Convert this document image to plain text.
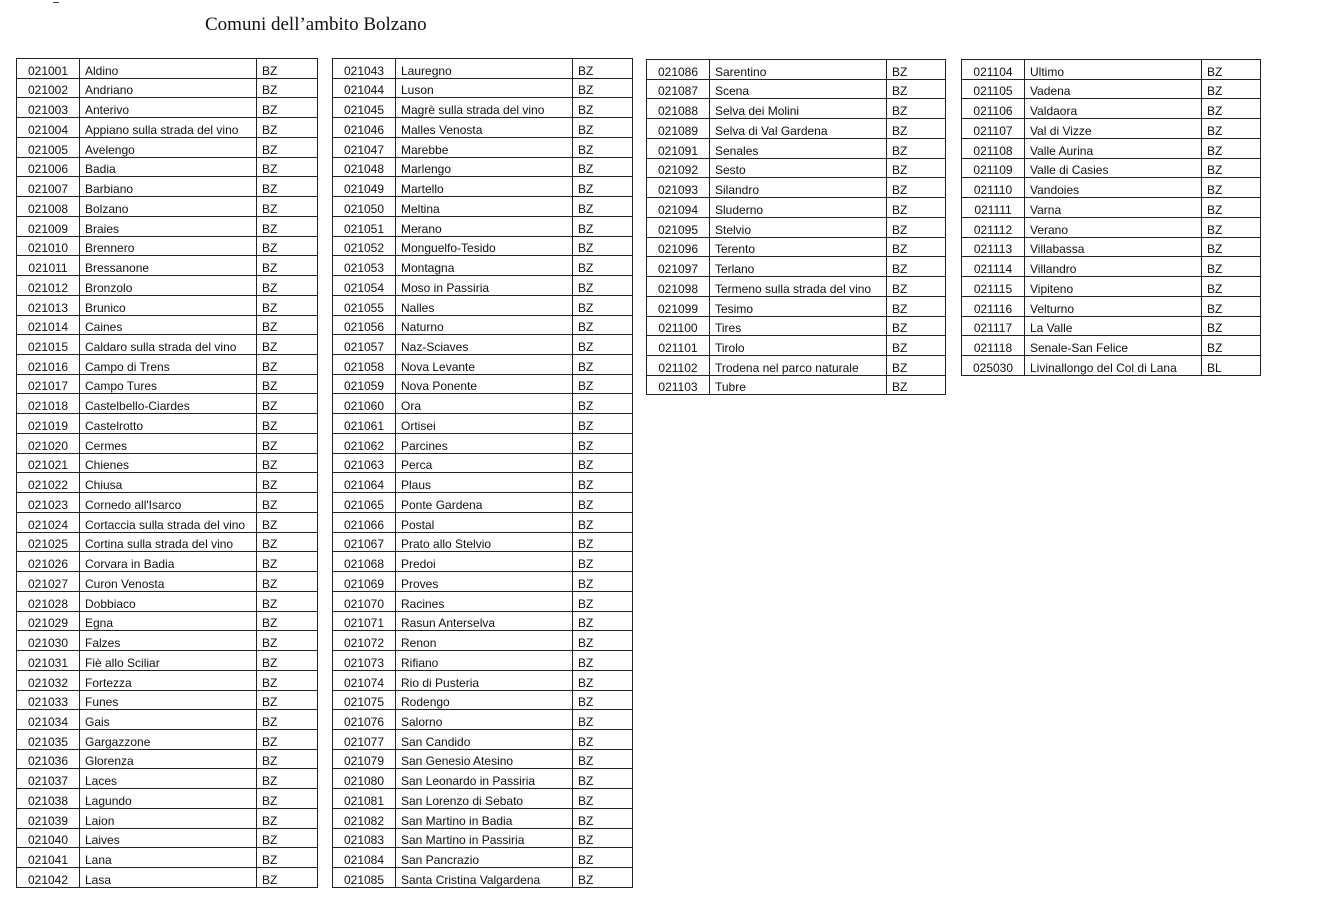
Comuni dell’ambito Bolzano
021001	Aldino	BZ
021002	Andriano	BZ
021003	Anterivo	BZ
021004	Appiano sulla strada del vino	BZ
021005	Avelengo	BZ
021006	Badia	BZ
021007	Barbiano	BZ
021008	Bolzano	BZ
021009	Braies	BZ
021010	Brennero	BZ
021011	Bressanone	BZ
021012	Bronzolo	BZ
021013	Brunico	BZ
021014	Caines	BZ
021015	Caldaro sulla strada del vino	BZ
021016	Campo di Trens	BZ
021017	Campo Tures	BZ
021018	Castelbello-Ciardes	BZ
021019	Castelrotto	BZ
021020	Cermes	BZ
021021	Chienes	BZ
021022	Chiusa	BZ
021023	Cornedo all'Isarco	BZ
021024	Cortaccia sulla strada del vino	BZ
021025	Cortina sulla strada del vino	BZ
021026	Corvara in Badia	BZ
021027	Curon Venosta	BZ
021028	Dobbiaco	BZ
021029	Egna	BZ
021030	Falzes	BZ
021031	Fiè allo Sciliar	BZ
021032	Fortezza	BZ
021033	Funes	BZ
021034	Gais	BZ
021035	Gargazzone	BZ
021036	Glorenza	BZ
021037	Laces	BZ
021038	Lagundo	BZ
021039	Laion	BZ
021040	Laives	BZ
021041	Lana	BZ
021042	Lasa	BZ
021043	Lauregno	BZ
021044	Luson	BZ
021045	Magrè sulla strada del vino	BZ
021046	Malles Venosta	BZ
021047	Marebbe	BZ
021048	Marlengo	BZ
021049	Martello	BZ
021050	Meltina	BZ
021051	Merano	BZ
021052	Monguelfo-Tesido	BZ
021053	Montagna	BZ
021054	Moso in Passiria	BZ
021055	Nalles	BZ
021056	Naturno	BZ
021057	Naz-Sciaves	BZ
021058	Nova Levante	BZ
021059	Nova Ponente	BZ
021060	Ora	BZ
021061	Ortisei	BZ
021062	Parcines	BZ
021063	Perca	BZ
021064	Plaus	BZ
021065	Ponte Gardena	BZ
021066	Postal	BZ
021067	Prato allo Stelvio	BZ
021068	Predoi	BZ
021069	Proves	BZ
021070	Racines	BZ
021071	Rasun Anterselva	BZ
021072	Renon	BZ
021073	Rifiano	BZ
021074	Rio di Pusteria	BZ
021075	Rodengo	BZ
021076	Salorno	BZ
021077	San Candido	BZ
021079	San Genesio Atesino	BZ
021080	San Leonardo in Passiria	BZ
021081	San Lorenzo di Sebato	BZ
021082	San Martino in Badia	BZ
021083	San Martino in Passiria	BZ
021084	San Pancrazio	BZ
021085	Santa Cristina Valgardena	BZ
021086	Sarentino	BZ
021087	Scena	BZ
021088	Selva dei Molini	BZ
021089	Selva di Val Gardena	BZ
021091	Senales	BZ
021092	Sesto	BZ
021093	Silandro	BZ
021094	Sluderno	BZ
021095	Stelvio	BZ
021096	Terento	BZ
021097	Terlano	BZ
021098	Termeno sulla strada del vino	BZ
021099	Tesimo	BZ
021100	Tires	BZ
021101	Tirolo	BZ
021102	Trodena nel parco naturale	BZ
021103	Tubre	BZ
021104	Ultimo	BZ
021105	Vadena	BZ
021106	Valdaora	BZ
021107	Val di Vizze	BZ
021108	Valle Aurina	BZ
021109	Valle di Casies	BZ
021110	Vandoies	BZ
021111	Varna	BZ
021112	Verano	BZ
021113	Villabassa	BZ
021114	Villandro	BZ
021115	Vipiteno	BZ
021116	Velturno	BZ
021117	La Valle	BZ
021118	Senale-San Felice	BZ
025030	Livinallongo del Col di Lana	BL
